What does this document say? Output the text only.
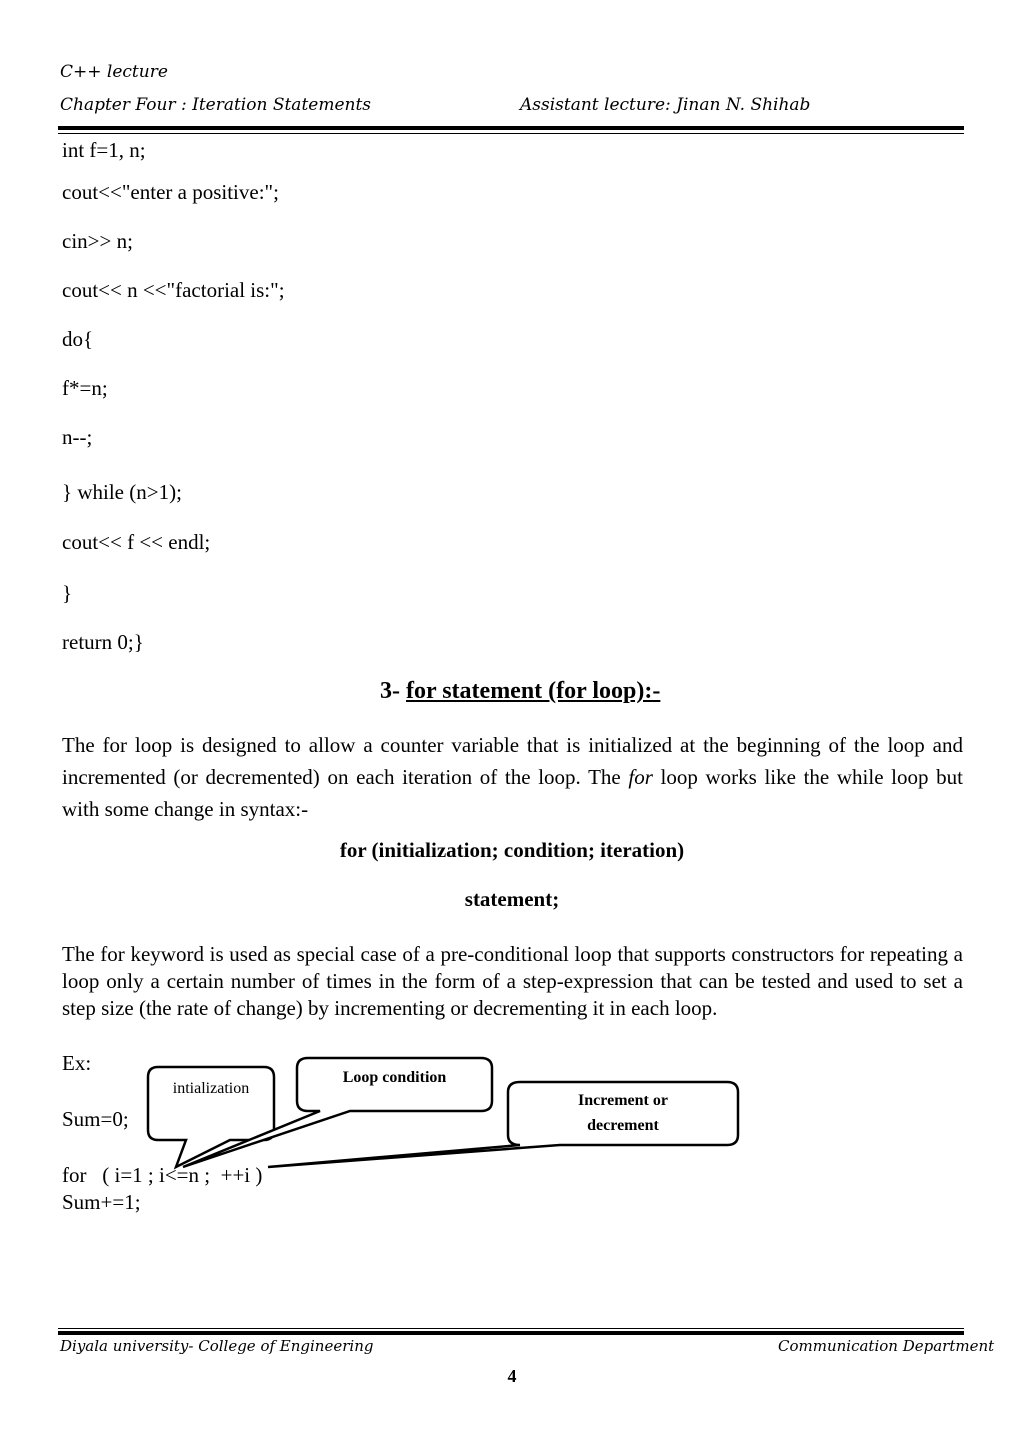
C++ lecture
Chapter Four : Iteration Statements	Assistant lecture: Jinan N. Shihab
int f=1, n;
cout<<"enter a positive:";
cin>> n;
cout<< n <<"factorial is:";
do{
f*=n;
n--;
} while (n>1);
cout<< f << endl;
}
return 0;}
3- for statement (for loop):-
The for loop is designed to allow a counter variable that is initialized at the beginning of the loop and incremented (or decremented) on each iteration of the loop. The for loop works like the while loop but with some change in syntax:-
for (initialization; condition; iteration)
statement;
The for keyword is used as special case of a pre-conditional loop that supports constructors for repeating a loop only a certain number of times in the form of a step-expression that can be tested and used to set a step size (the rate of change) by incrementing or decrementing it in each loop.
Ex:
Sum=0;
for   ( i=1 ; i<=n ;  ++i )
Sum+=1;
intialization
Loop condition
Increment or
decrement
Diyala university- College of Engineering	Communication Department
4
